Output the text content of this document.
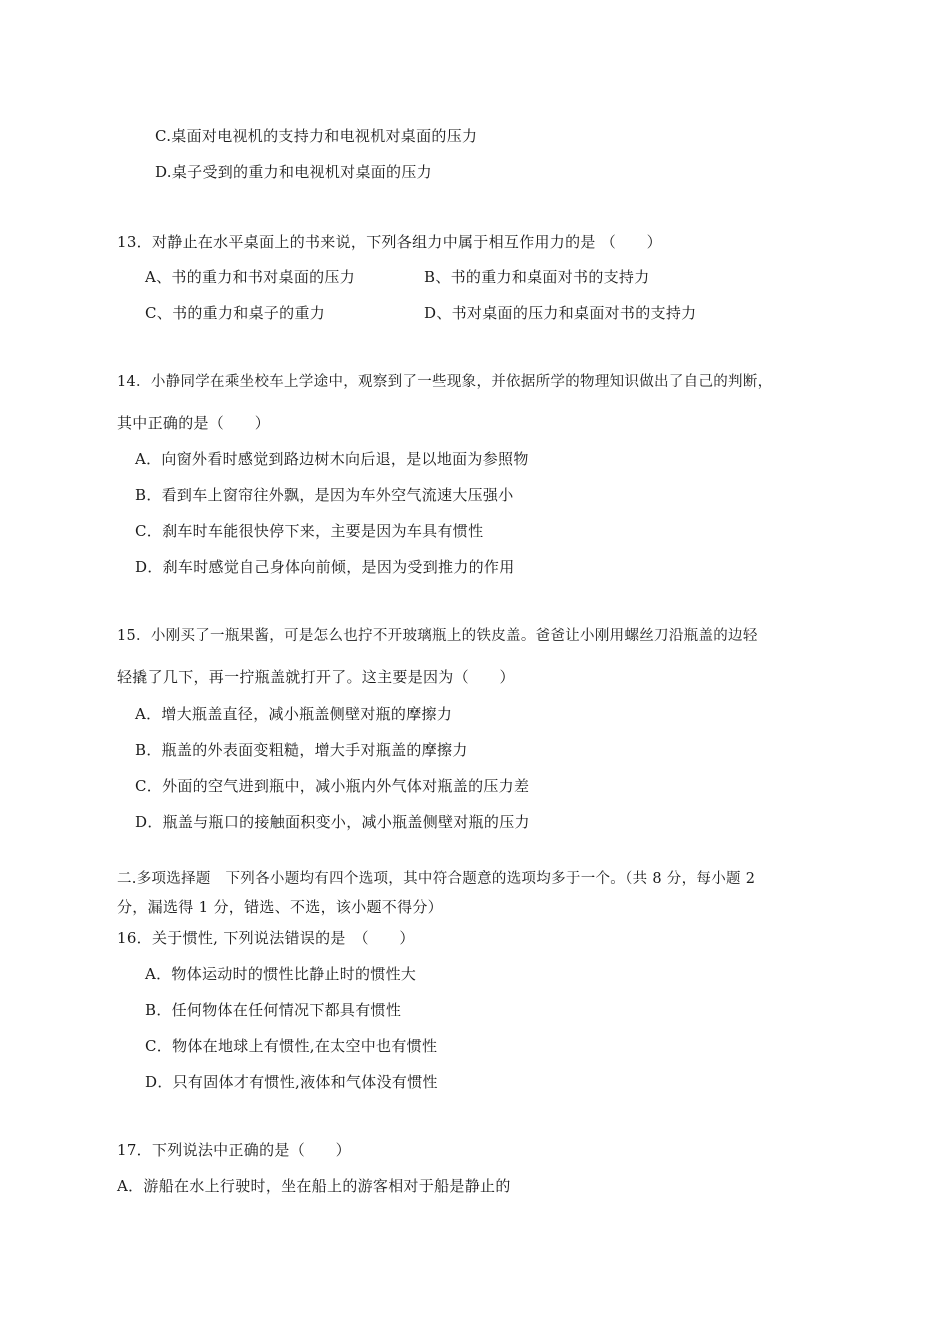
C.桌面对电视机的支持力和电视机对桌面的压力
D.桌子受到的重力和电视机对桌面的压力
13．对静止在水平桌面上的书来说，下列各组力中属于相互作用力的是 （　　）
A、书的重力和书对桌面的压力	B、书的重力和桌面对书的支持力
C、书的重力和桌子的重力	D、书对桌面的压力和桌面对书的支持力
14．小静同学在乘坐校车上学途中，观察到了一些现象，并依据所学的物理知识做出了自己的判断，
其中正确的是（　　）
A．向窗外看时感觉到路边树木向后退，是以地面为参照物
B．看到车上窗帘往外飘，是因为车外空气流速大压强小
C．刹车时车能很快停下来，主要是因为车具有惯性
D．刹车时感觉自己身体向前倾，是因为受到推力的作用
15．小刚买了一瓶果酱，可是怎么也拧不开玻璃瓶上的铁皮盖。爸爸让小刚用螺丝刀沿瓶盖的边轻
轻撬了几下，再一拧瓶盖就打开了。这主要是因为（　　）
A．增大瓶盖直径，减小瓶盖侧壁对瓶的摩擦力
B．瓶盖的外表面变粗糙，增大手对瓶盖的摩擦力
C．外面的空气进到瓶中，减小瓶内外气体对瓶盖的压力差
D．瓶盖与瓶口的接触面积变小，减小瓶盖侧壁对瓶的压力
二.多项选择题　下列各小题均有四个选项，其中符合题意的选项均多于一个。（共 8 分，每小题 2
分，漏选得 1 分，错选、不选，该小题不得分）
16．关于惯性, 下列说法错误的是　（　　）
A．物体运动时的惯性比静止时的惯性大
B．任何物体在任何情况下都具有惯性
C．物体在地球上有惯性,在太空中也有惯性
D．只有固体才有惯性,液体和气体没有惯性
17．下列说法中正确的是（　　）
A．游船在水上行驶时，坐在船上的游客相对于船是静止的
